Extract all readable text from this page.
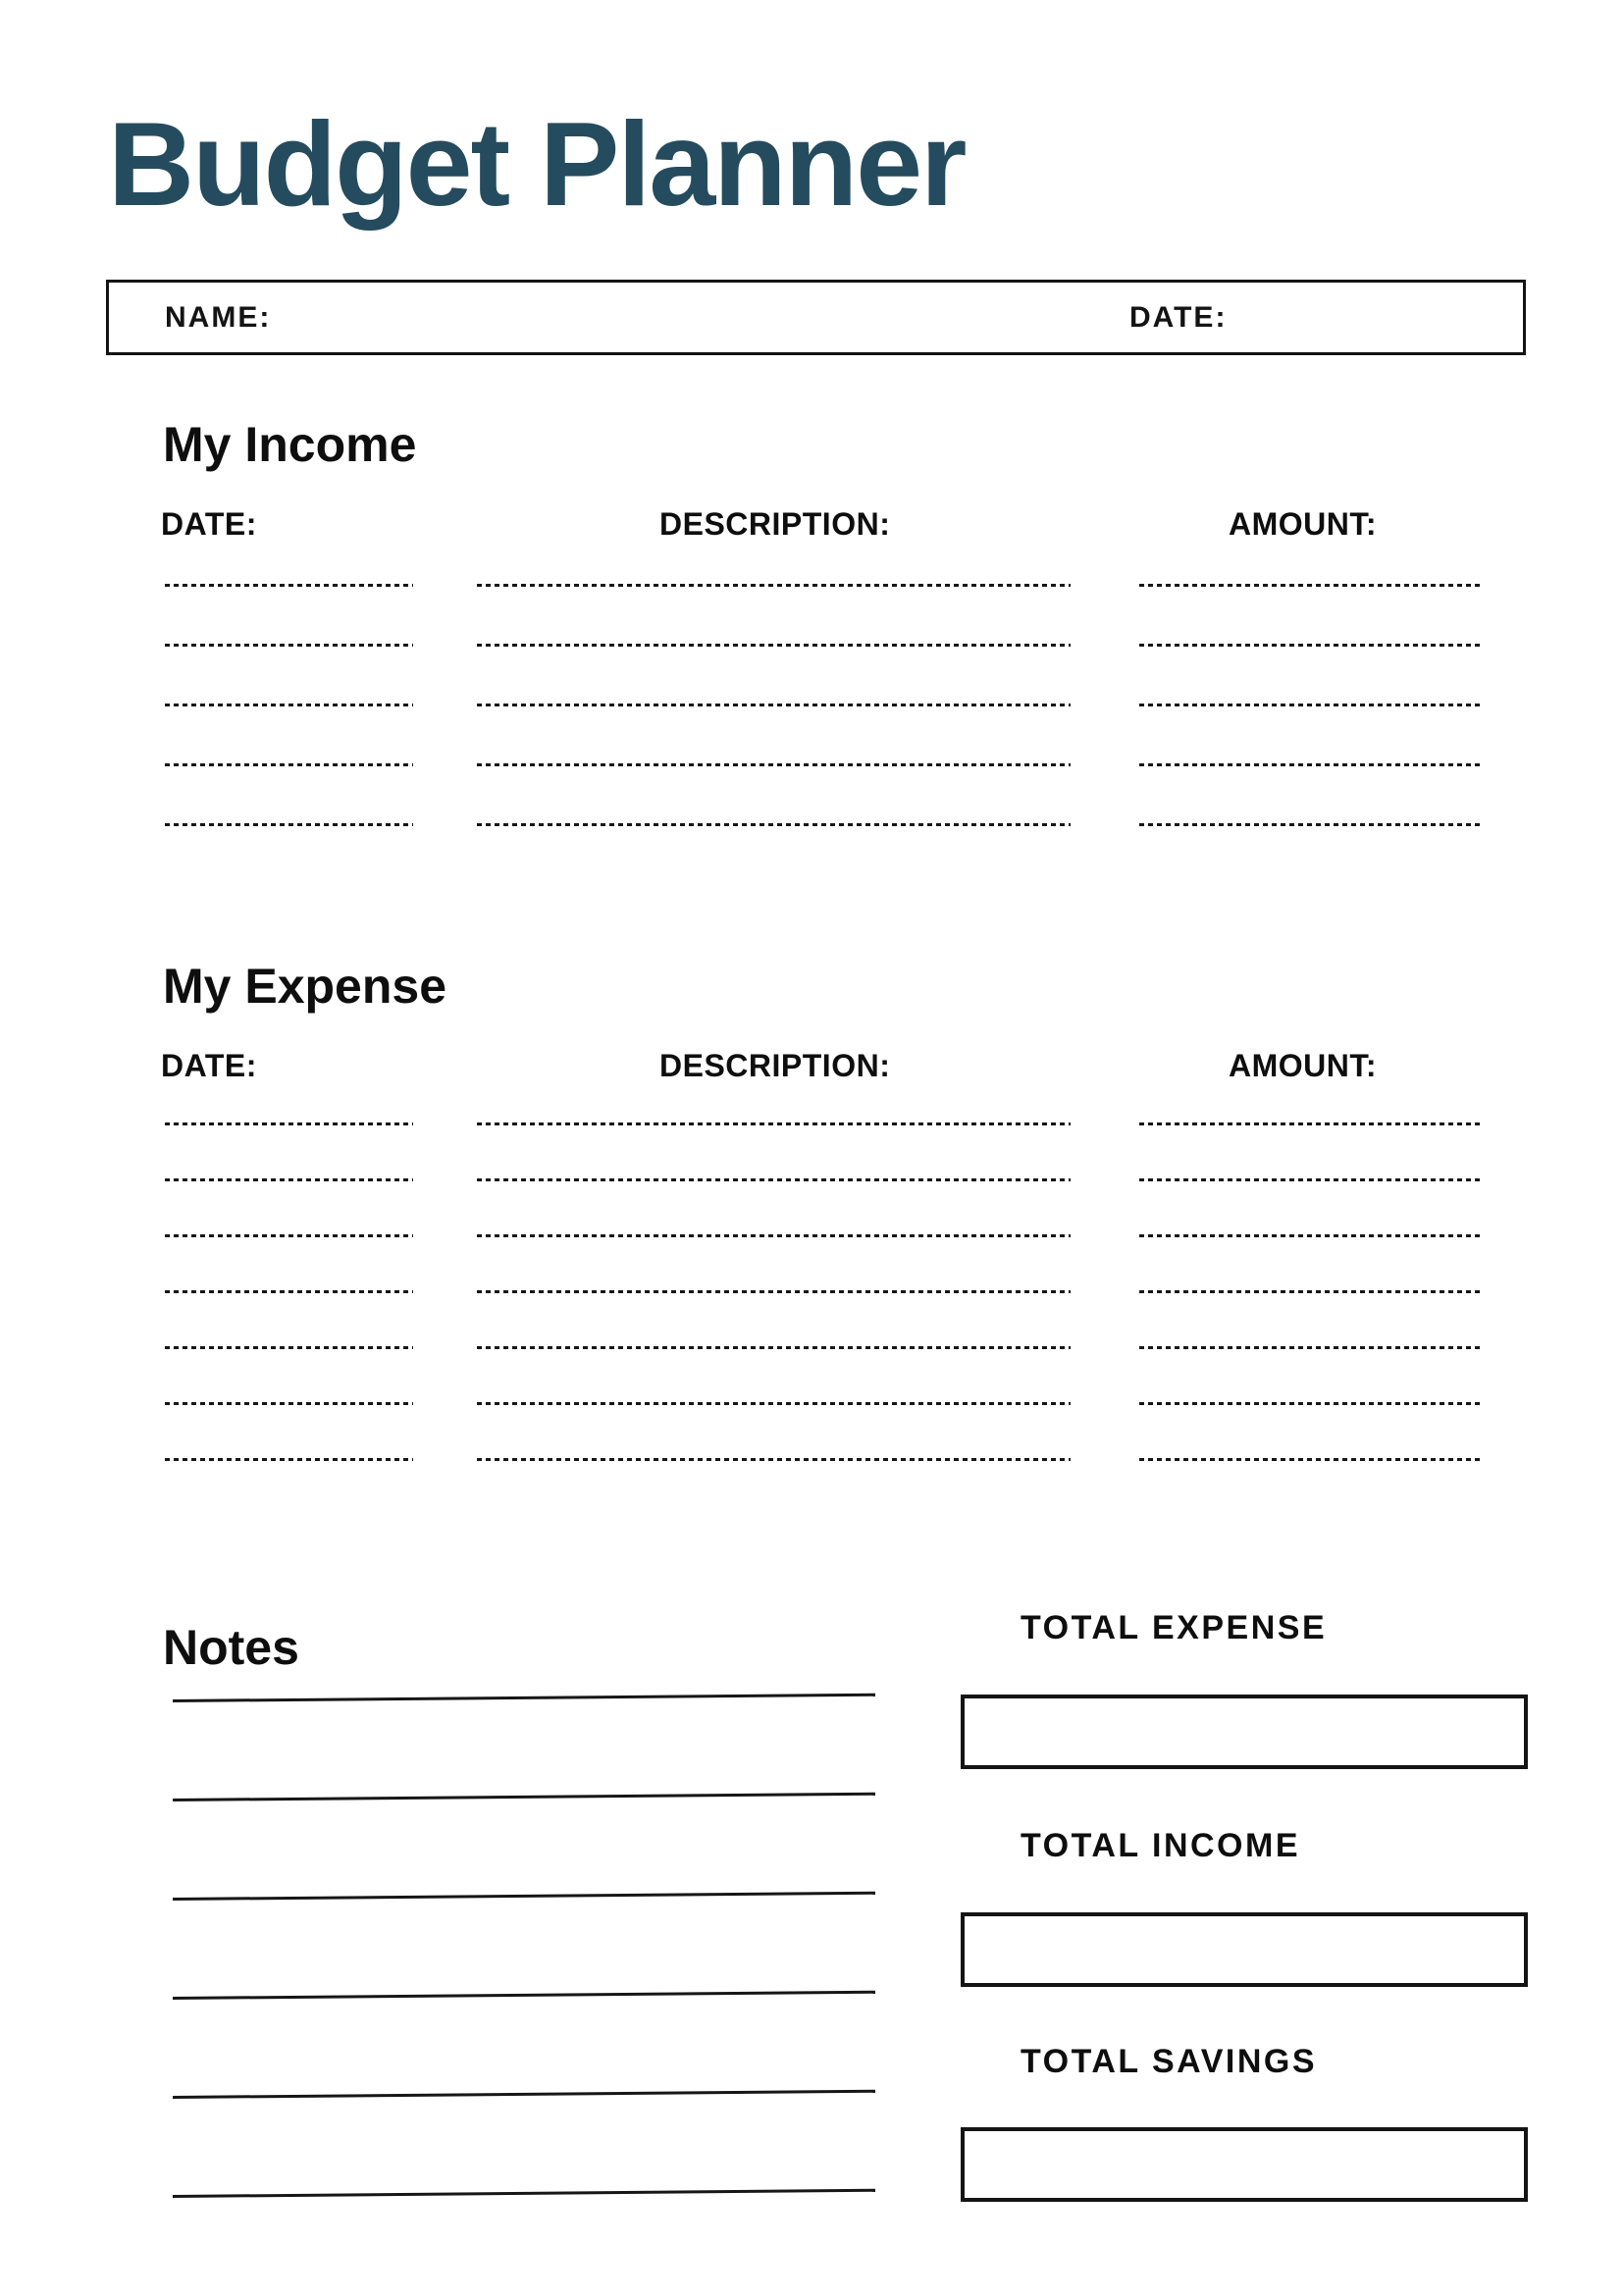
Budget Planner
NAME:	DATE:
My Income
DATE:	DESCRIPTION:	AMOUNT:
My Expense
DATE:	DESCRIPTION:	AMOUNT:
Notes	TOTAL EXPENSE
TOTAL INCOME
TOTAL SAVINGS
